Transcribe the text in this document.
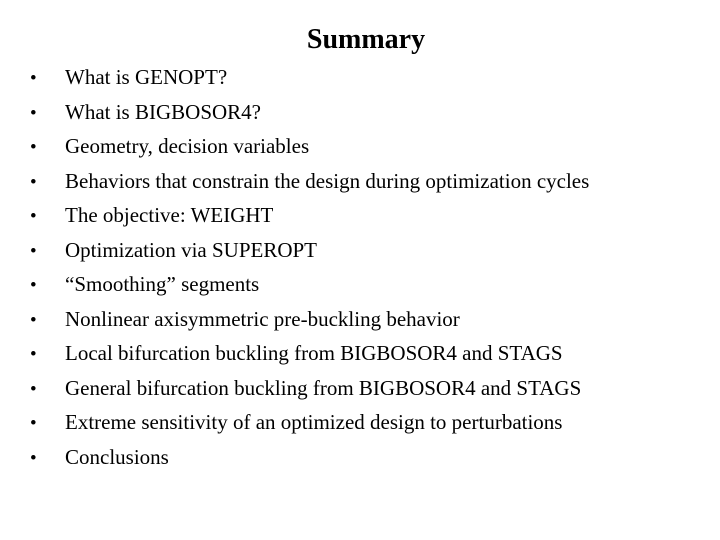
Summary
•	What is GENOPT?
•	What is BIGBOSOR4?
•	Geometry, decision variables
•	Behaviors that constrain the design during optimization cycles
•	The objective: WEIGHT
•	Optimization via SUPEROPT
•	“Smoothing” segments
•	Nonlinear axisymmetric pre-buckling behavior
•	Local bifurcation buckling from BIGBOSOR4 and STAGS
•	General bifurcation buckling from BIGBOSOR4 and STAGS
•	Extreme sensitivity of an optimized design to perturbations
•	Conclusions
